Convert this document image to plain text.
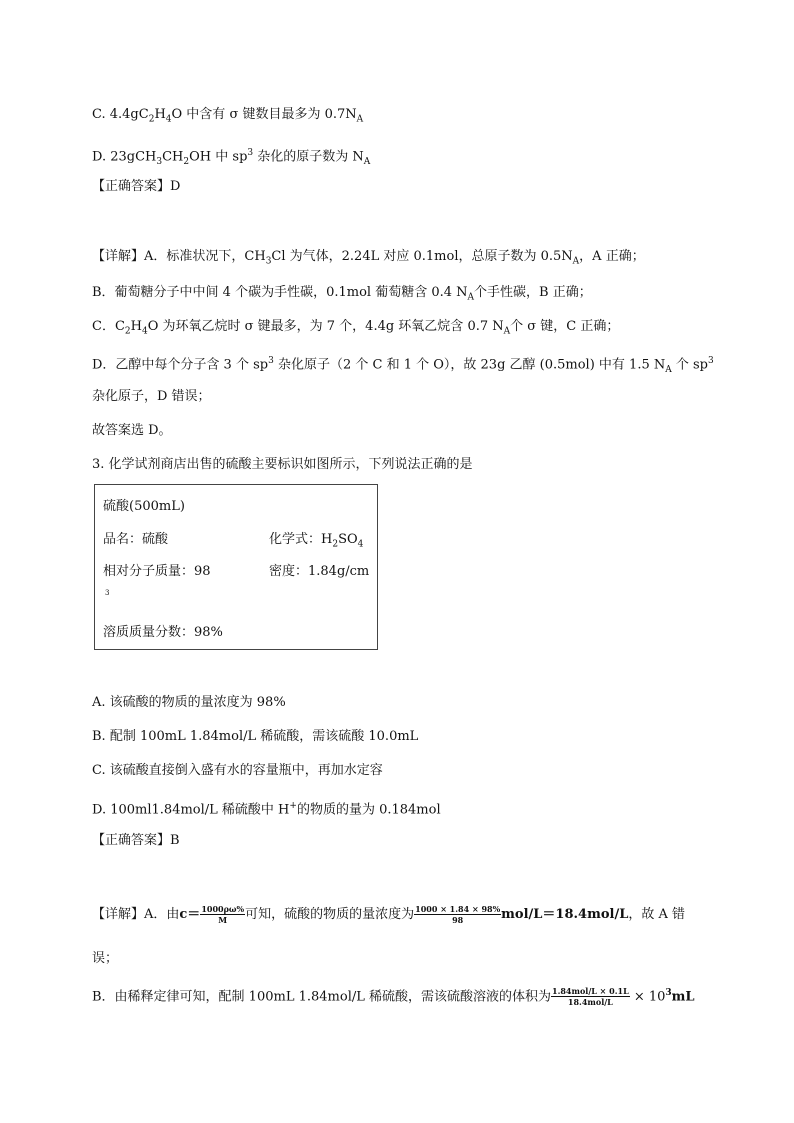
C. $4.4gC_2H_4O$ 中含有 σ 键数目最多为 $0.7N_A$
D. $23gCH_3CH_2OH$ 中 $sp^3$ 杂化的原子数为 $N_A$
【正确答案】D
【详解】A．标准状况下，$CH_3Cl$ 为气体，2.24L 对应 0.1mol，总原子数为 $0.5N_A$，A 正确；
B．葡萄糖分子中中间 4 个碳为手性碳，0.1mol 葡萄糖含 0.4 $N_A$个手性碳，B 正确；
C．$C_2H_4O$ 为环氧乙烷时 σ 键最多，为 7 个，4.4g 环氧乙烷含 0.7 $N_A$个 σ 键，C 正确；
D．乙醇中每个分子含 3 个 $sp^3$ 杂化原子（2 个 C 和 1 个 O），故 23g 乙醇 (0.5mol) 中有 1.5 $N_A$ 个 $sp^3$
杂化原子，D 错误；
故答案选 D。
3. 化学试剂商店出售的硫酸主要标识如图所示，下列说法正确的是
硫酸(500mL)
品名：硫酸	化学式：$H_2SO_4$
相对分子质量：98	密度：1.84g/cm
3
溶质质量分数：98%
A. 该硫酸的物质的量浓度为 98%
B. 配制 100mL 1.84mol/L 稀硫酸，需该硫酸 10.0mL
C. 该硫酸直接倒入盛有水的容量瓶中，再加水定容
D. 100ml1.84mol/L 稀硫酸中 H+的物质的量为 0.184mol
【正确答案】B
【详解】A．由$c= \frac{1000\rho\omega\%}{M}$ 可知，硫酸的物质的量浓度为 $\frac{1000 \times 1.84 \times 98\%}{98} mol/L=18.4mol/L$，故 A 错
误；
B．由稀释定律可知，配制 100mL 1.84mol/L 稀硫酸，需该硫酸溶液的体积为 $\frac{\text{1.84mol/L × 0.1L}}{\text{18.4mol/L}} \times 10^3mL$
